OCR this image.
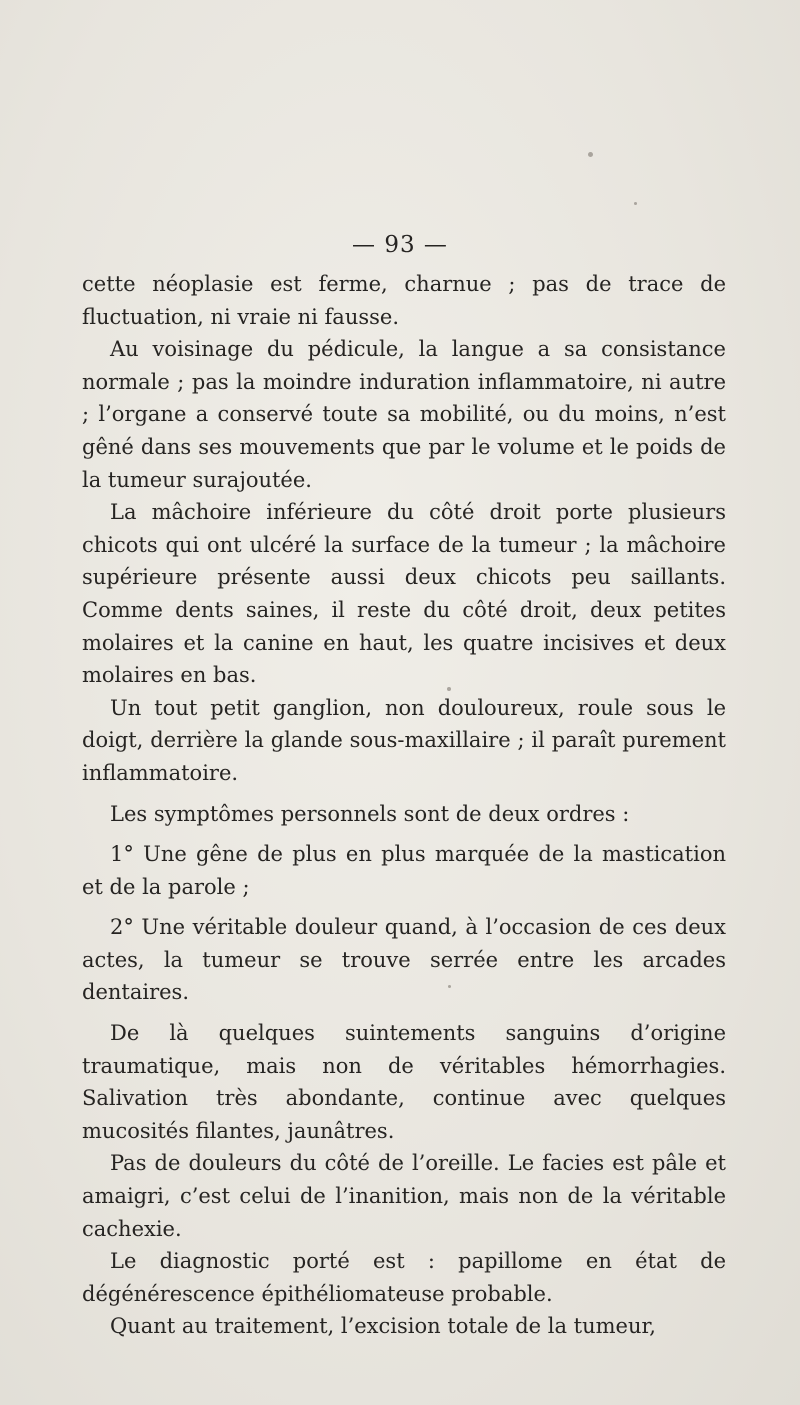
— 93 —

cette néoplasie est ferme, charnue ; pas de trace de fluctuation, ni vraie ni fausse.

Au voisinage du pédicule, la langue a sa consistance normale ; pas la moindre induration inflammatoire, ni autre ; l’organe a conservé toute sa mobilité, ou du moins, n’est gêné dans ses mouvements que par le volume et le poids de la tumeur surajoutée.

La mâchoire inférieure du côté droit porte plusieurs chicots qui ont ulcéré la surface de la tumeur ; la mâchoire supérieure présente aussi deux chicots peu saillants. Comme dents saines, il reste du côté droit, deux petites molaires et la canine en haut, les quatre incisives et deux molaires en bas.

Un tout petit ganglion, non douloureux, roule sous le doigt, derrière la glande sous-maxillaire ; il paraît purement inflammatoire.

Les symptômes personnels sont de deux ordres :

1° Une gêne de plus en plus marquée de la mastication et de la parole ;

2° Une véritable douleur quand, à l’occasion de ces deux actes, la tumeur se trouve serrée entre les arcades dentaires.

De là quelques suintements sanguins d’origine traumatique, mais non de véritables hémorrhagies. Salivation très abondante, continue avec quelques mucosités filantes, jaunâtres.

Pas de douleurs du côté de l’oreille. Le facies est pâle et amaigri, c’est celui de l’inanition, mais non de la véritable cachexie.

Le diagnostic porté est : papillome en état de dégénérescence épithéliomateuse probable.

Quant au traitement, l’excision totale de la tumeur,
